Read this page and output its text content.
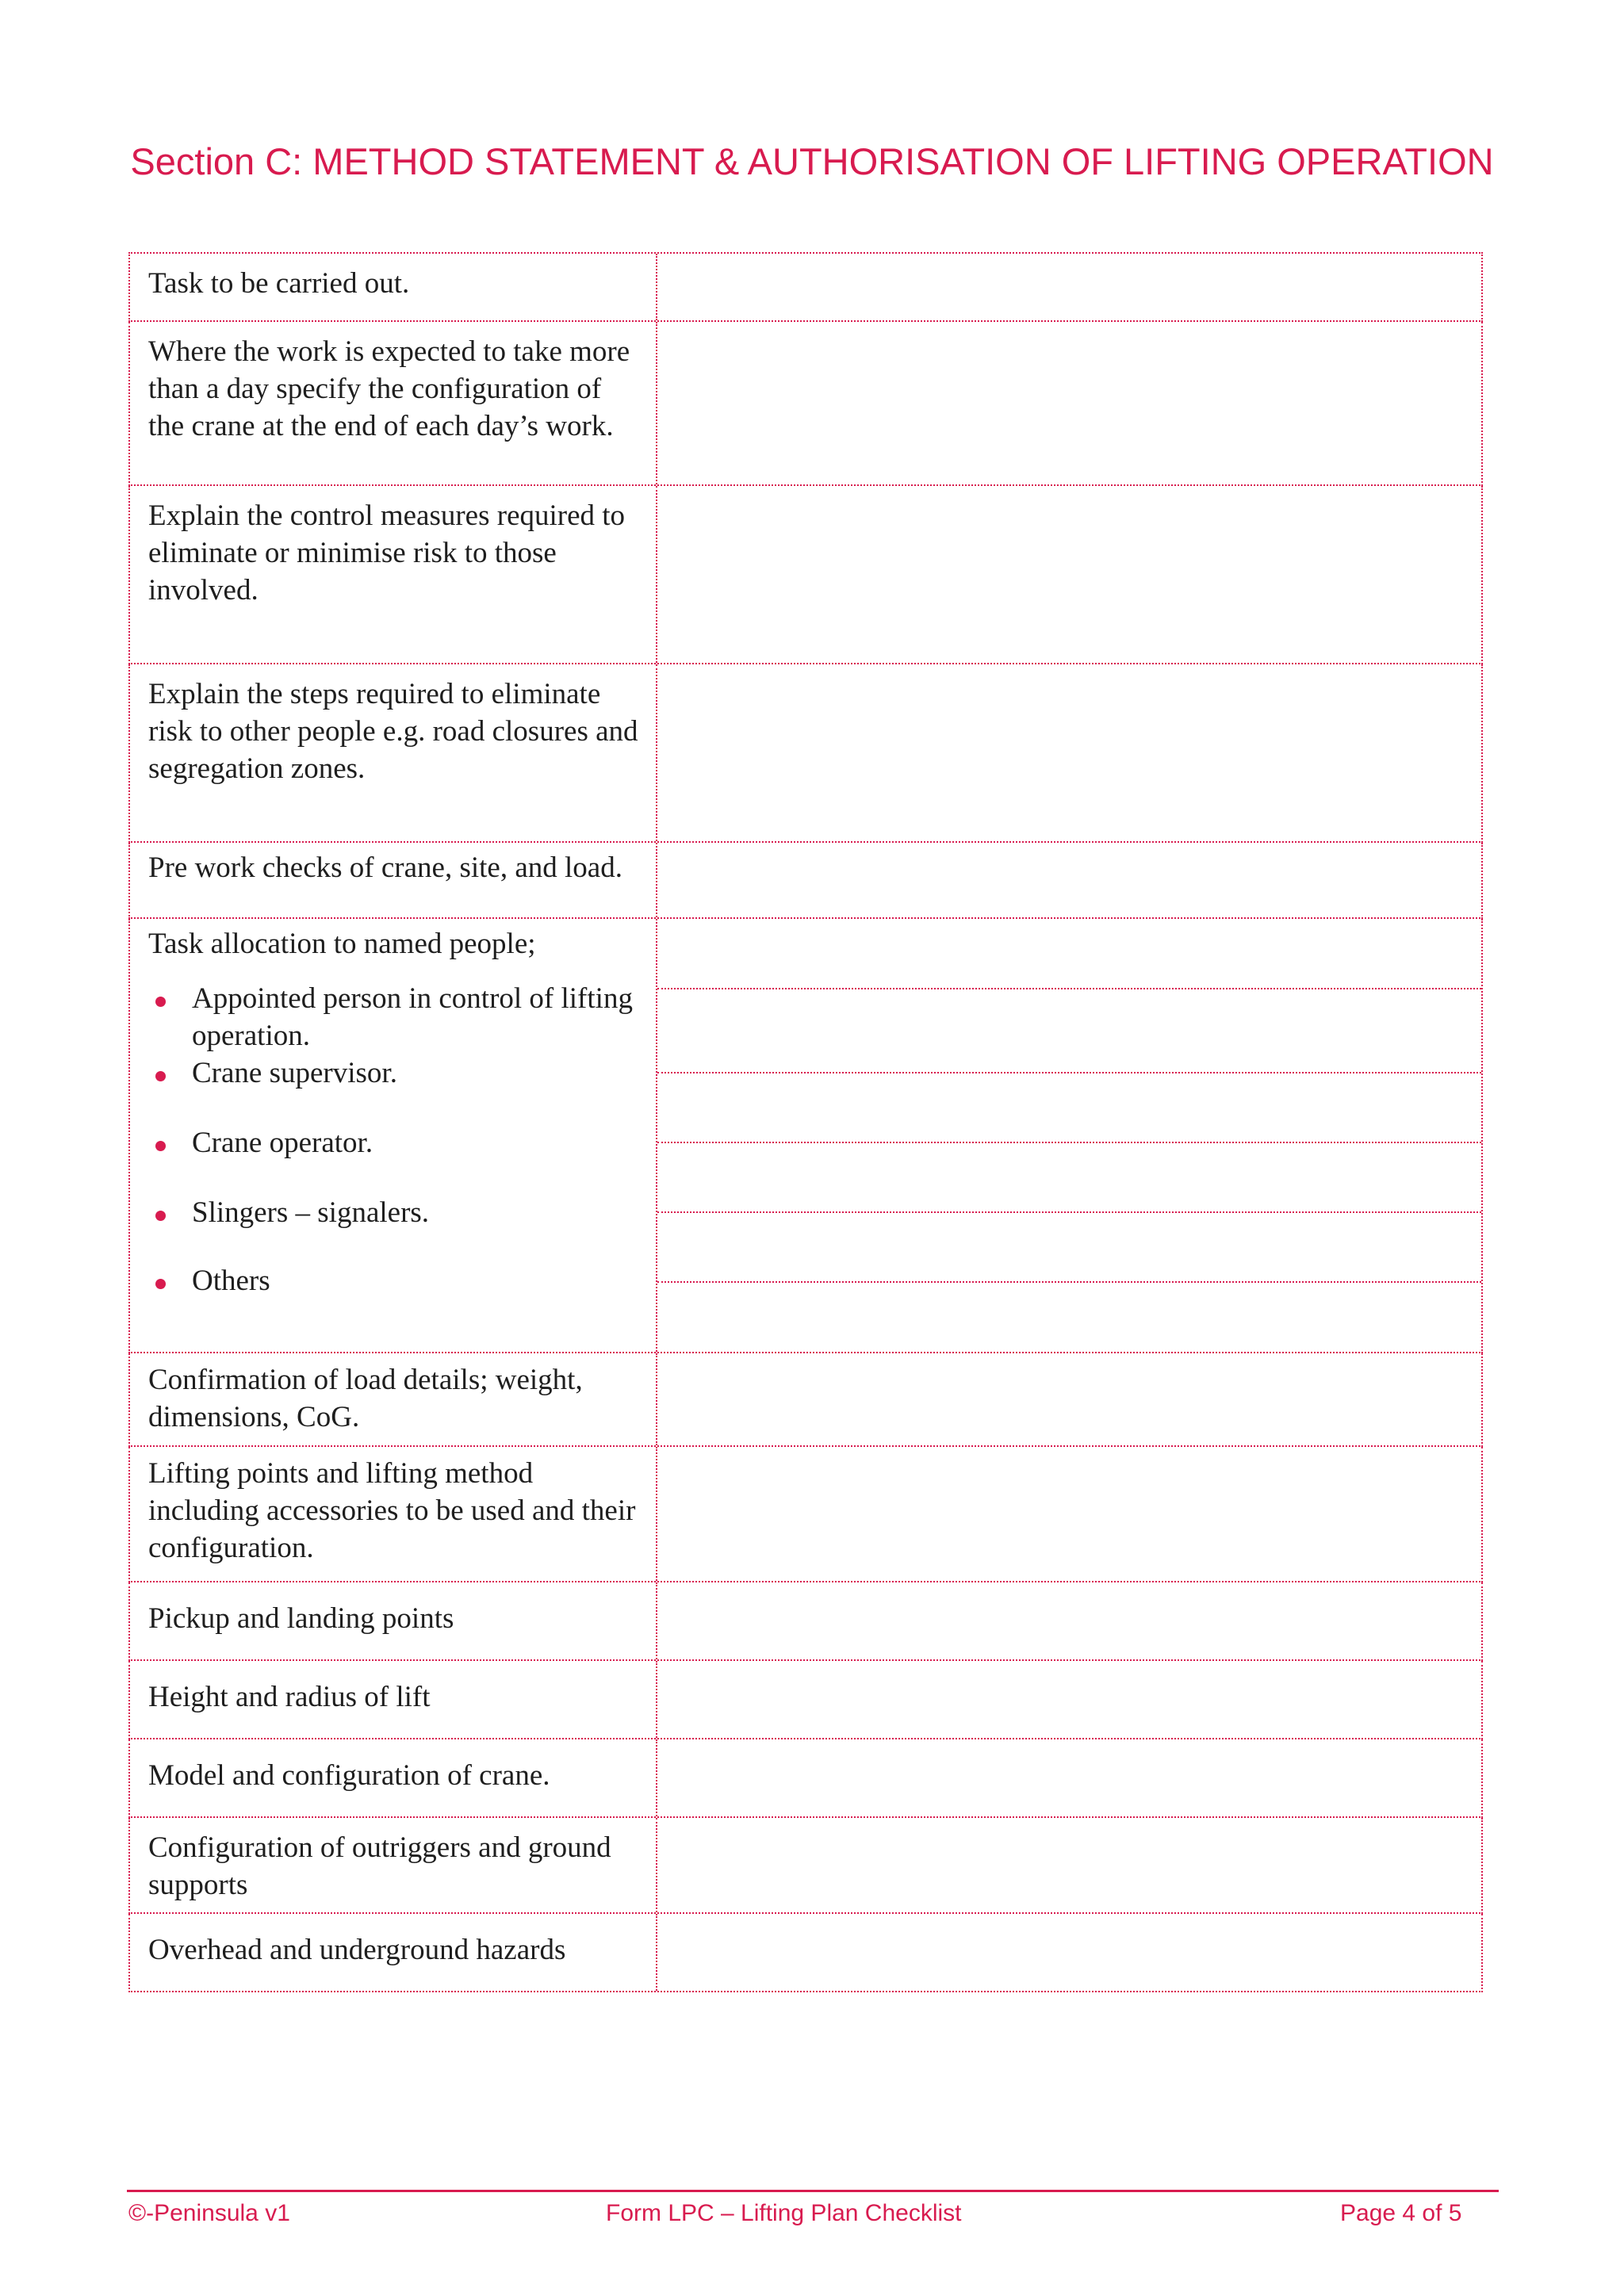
Section C: METHOD STATEMENT & AUTHORISATION OF LIFTING OPERATION
Task to be carried out.
Where the work is expected to take more than a day specify the configuration of the crane at the end of each day’s work.
Explain the control measures required to eliminate or minimise risk to those involved.
Explain the steps required to eliminate risk to other people e.g. road closures and segregation zones.
Pre work checks of crane, site, and load.
Task allocation to named people;
Appointed person in control of lifting operation.
Crane supervisor.
Crane operator.
Slingers – signalers.
Others
Confirmation of load details; weight, dimensions, CoG.
Lifting points and lifting method including accessories to be used and their configuration.
Pickup and landing points
Height and radius of lift
Model and configuration of crane.
Configuration of outriggers and ground supports
Overhead and underground hazards
©-Peninsula v1	Form LPC – Lifting Plan Checklist	Page 4 of 5
